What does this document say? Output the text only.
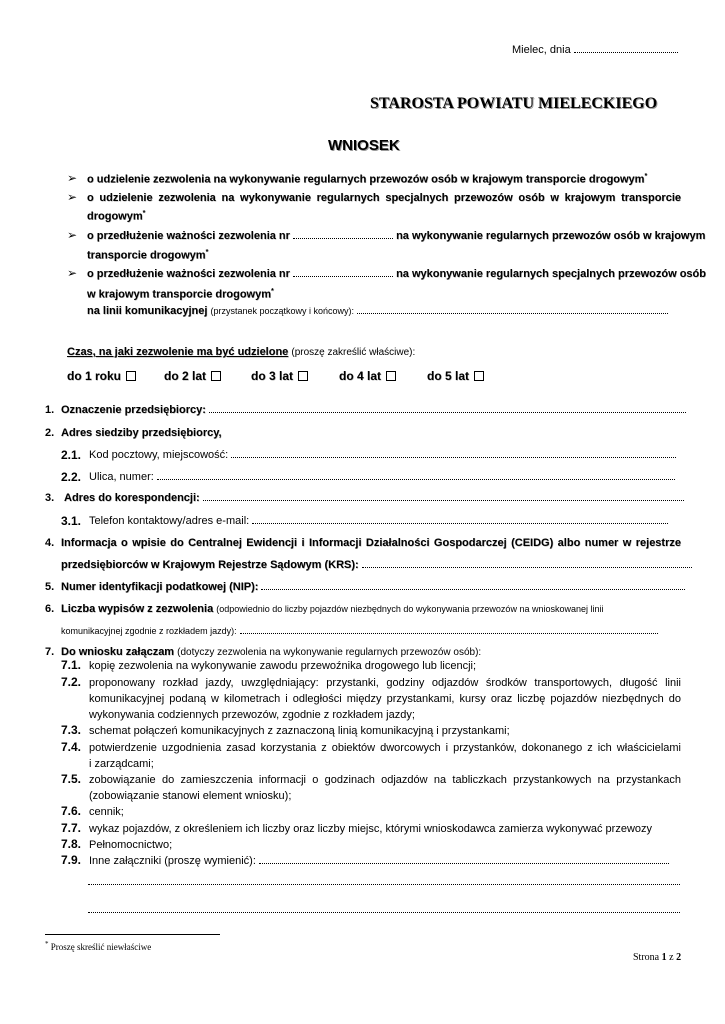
Mielec, dnia
STAROSTA POWIATU MIELECKIEGO
WNIOSEK
➢ o udzielenie zezwolenia na wykonywanie regularnych przewozów osób w krajowym transporcie drogowym*
➢ o udzielenie zezwolenia na wykonywanie regularnych specjalnych przewozów osób w krajowym transporcie
drogowym*
➢ o przedłużenie ważności zezwolenia nr	na wykonywanie regularnych przewozów osób w krajowym
transporcie drogowym*
➢ o przedłużenie ważności zezwolenia nr	na wykonywanie regularnych specjalnych przewozów osób
w krajowym transporcie drogowym*
na linii komunikacyjnej (przystanek początkowy i końcowy):
Czas, na jaki zezwolenie ma być udzielone (proszę zakreślić właściwe):
do 1 roku	do 2 lat	do 3 lat	do 4 lat	do 5 lat
1. Oznaczenie przedsiębiorcy:
2. Adres siedziby przedsiębiorcy,
2.1. Kod pocztowy, miejscowość:
2.2. Ulica, numer:
3. Adres do korespondencji:
3.1. Telefon kontaktowy/adres e-mail:
4. Informacja o wpisie do Centralnej Ewidencji i Informacji Działalności Gospodarczej (CEIDG) albo numer w rejestrze
przedsiębiorców w Krajowym Rejestrze Sądowym (KRS):
5. Numer identyfikacji podatkowej (NIP):
6. Liczba wypisów z zezwolenia (odpowiednio do liczby pojazdów niezbędnych do wykonywania przewozów na wnioskowanej linii
komunikacyjnej zgodnie z rozkładem jazdy):
7. Do wniosku załączam (dotyczy zezwolenia na wykonywanie regularnych przewozów osób):
7.1. kopię zezwolenia na wykonywanie zawodu przewoźnika drogowego lub licencji;
7.2. proponowany rozkład jazdy, uwzględniający: przystanki, godziny odjazdów środków transportowych, długość linii
komunikacyjnej podaną w kilometrach i odległości między przystankami, kursy oraz liczbę pojazdów niezbędnych do
wykonywania codziennych przewozów, zgodnie z rozkładem jazdy;
7.3. schemat połączeń komunikacyjnych z zaznaczoną linią komunikacyjną i przystankami;
7.4. potwierdzenie uzgodnienia zasad korzystania z obiektów dworcowych i przystanków, dokonanego z ich właścicielami
i zarządcami;
7.5. zobowiązanie do zamieszczenia informacji o godzinach odjazdów na tabliczkach przystankowych na przystankach
(zobowiązanie stanowi element wniosku);
7.6. cennik;
7.7. wykaz pojazdów, z określeniem ich liczby oraz liczby miejsc, którymi wnioskodawca zamierza wykonywać przewozy
7.8. Pełnomocnictwo;
7.9. Inne załączniki (proszę wymienić):
* Proszę skreślić niewłaściwe
Strona 1 z 2
